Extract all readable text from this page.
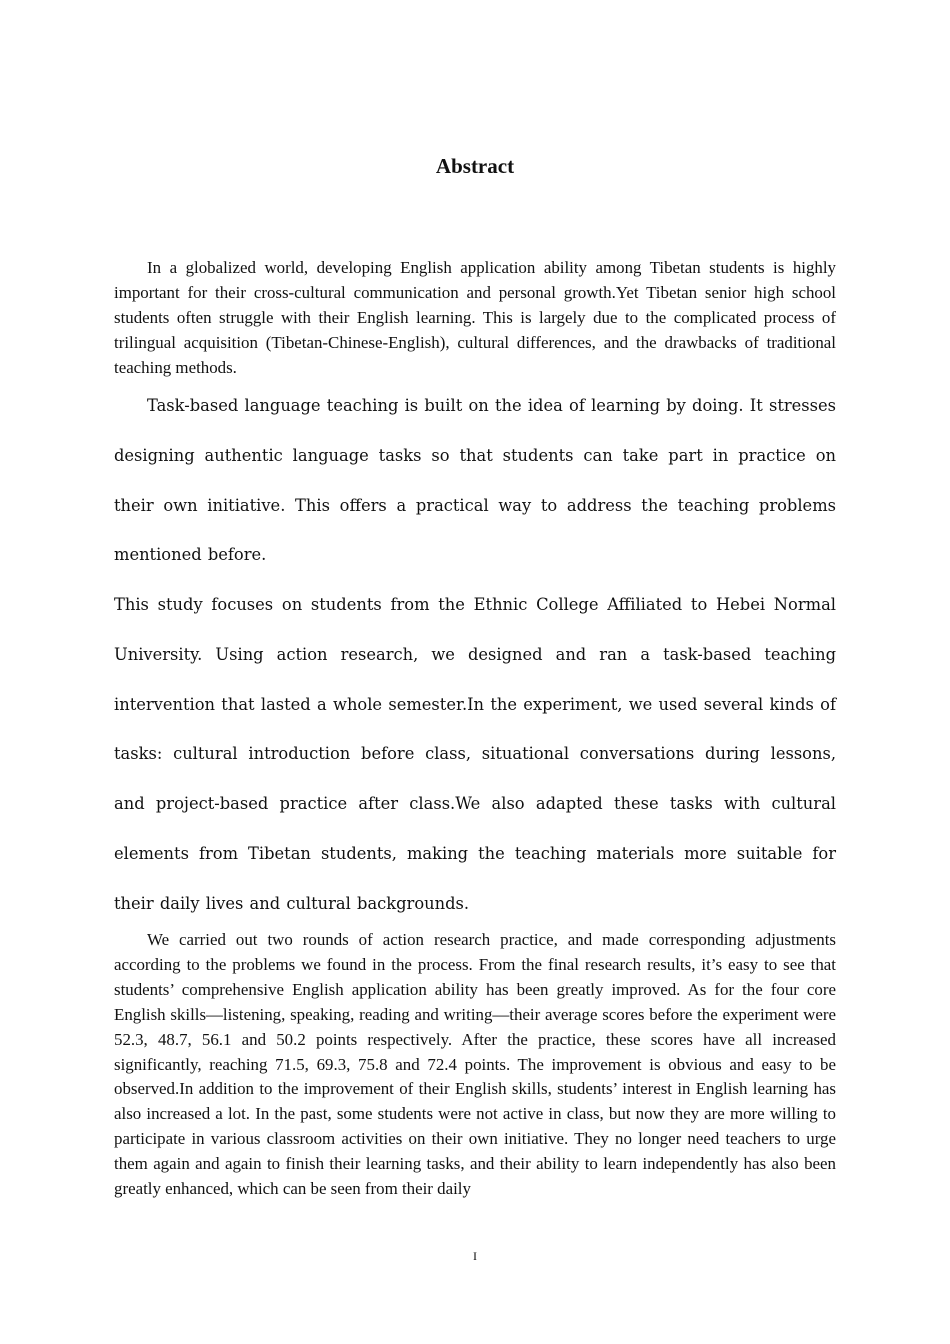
Abstract

In a globalized world, developing English application ability among Tibetan students is highly important for their cross-cultural communication and personal growth.Yet Tibetan senior high school students often struggle with their English learning. This is largely due to the complicated process of trilingual acquisition (Tibetan-Chinese-English), cultural differences, and the drawbacks of traditional teaching methods.

Task-based language teaching is built on the idea of learning by doing. It stresses designing authentic language tasks so that students can take part in practice on their own initiative. This offers a practical way to address the teaching problems mentioned before.

This study focuses on students from the Ethnic College Affiliated to Hebei Normal University. Using action research, we designed and ran a task-based teaching intervention that lasted a whole semester.In the experiment, we used several kinds of tasks: cultural introduction before class, situational conversations during lessons, and project-based practice after class.We also adapted these tasks with cultural elements from Tibetan students, making the teaching materials more suitable for their daily lives and cultural backgrounds.

We carried out two rounds of action research practice, and made corresponding adjustments according to the problems we found in the process. From the final research results, it’s easy to see that students’ comprehensive English application ability has been greatly improved. As for the four core English skills—listening, speaking, reading and writing—their average scores before the experiment were 52.3, 48.7, 56.1 and 50.2 points respectively. After the practice, these scores have all increased significantly, reaching 71.5, 69.3, 75.8 and 72.4 points. The improvement is obvious and easy to be observed.In addition to the improvement of their English skills, students’ interest in English learning has also increased a lot. In the past, some students were not active in class, but now they are more willing to participate in various classroom activities on their own initiative. They no longer need teachers to urge them again and again to finish their learning tasks, and their ability to learn independently has also been greatly enhanced, which can be seen from their daily

I
